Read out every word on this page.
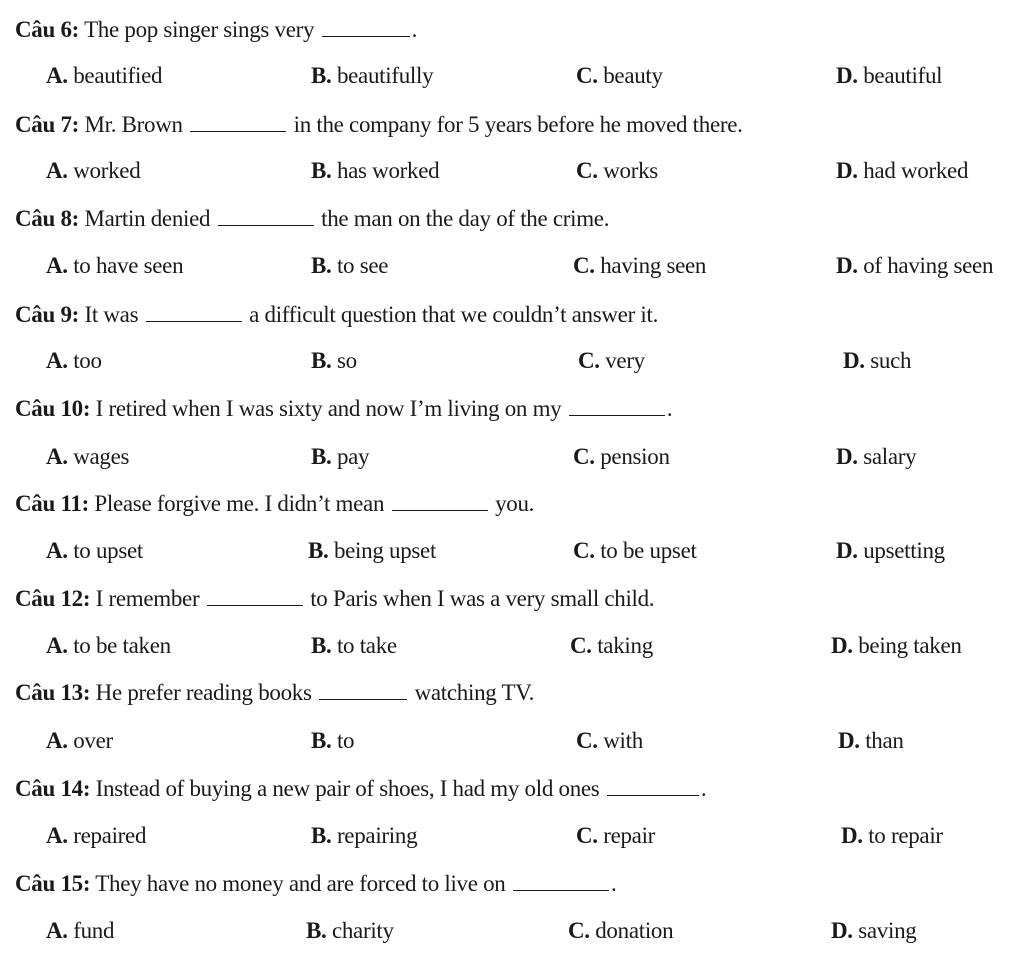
Câu 6 : The pop singer sings very	.
A. beautified	B. beautifully	C. beauty	D. beautiful
Câu 7 : Mr. Brown	in the company for 5 years before he moved there.
A. worked	B. has worked	C. works	D. had worked
Câu 8 : Martin denied	the man on the day of the crime.
A. to have seen	B. to see	C. having seen	D. of having seen
Câu 9 : It was	a difficult question that we couldn’t answer it.
A. too	B. so	C. very	D. such
Câu 10 : I retired when I was sixty and now I’m living on my	.
A. wages	B. pay	C. pension	D. salary
Câu 11 : Please forgive me. I didn’t mean	you.
A. to upset	B. being upset	C. to be upset	D. upsetting
Câu 12 : I remember	to Paris when I was a very small child.
A. to be taken	B. to take	C. taking	D. being taken
Câu 13 : He prefer reading books	watching TV.
A. over	B. to	C. with	D. than
Câu 14 : Instead of buying a new pair of shoes, I had my old ones	.
A. repaired	B. repairing	C. repair	D. to repair
Câu 15 : They have no money and are forced to live on	.
A. fund	B. charity	C. donation	D. saving
